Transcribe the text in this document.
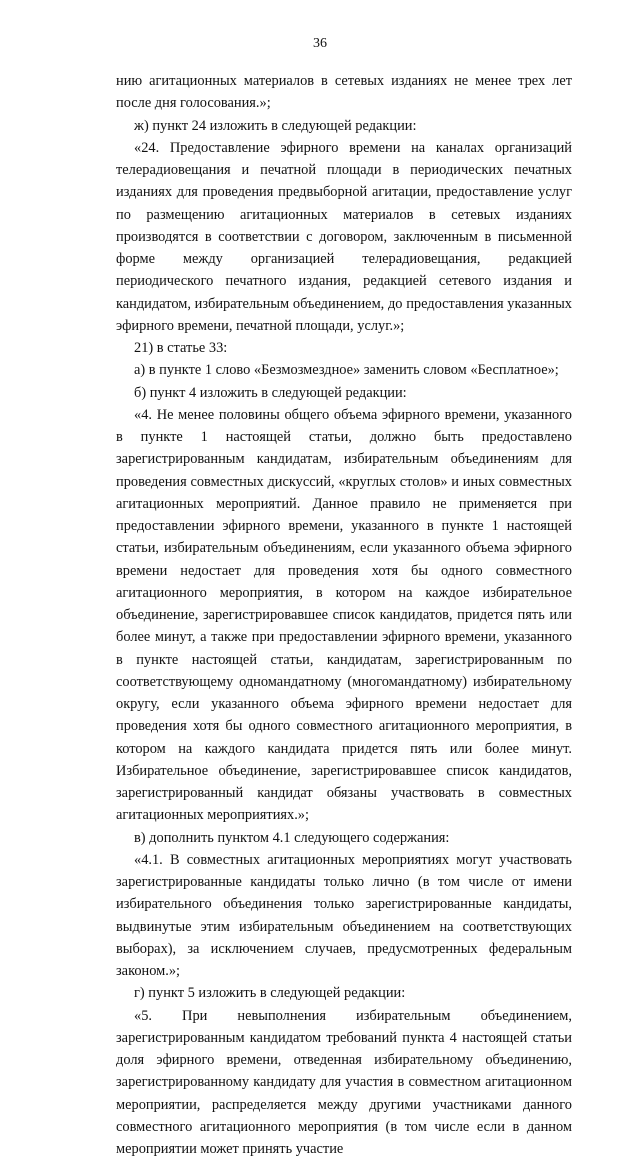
36

нию агитационных материалов в сетевых изданиях не менее трех лет после дня голосования.»;

ж) пункт 24 изложить в следующей редакции:

«24. Предоставление эфирного времени на каналах организаций телерадиовещания и печатной площади в периодических печатных изданиях для проведения предвыборной агитации, предоставление услуг по размещению агитационных материалов в сетевых изданиях производятся в соответствии с договором, заключенным в письменной форме между организацией телерадиовещания, редакцией периодического печатного издания, редакцией сетевого издания и кандидатом, избирательным объединением, до предоставления указанных эфирного времени, печатной площади, услуг.»;

21) в статье 33:

а) в пункте 1 слово «Безмозмездное» заменить словом «Бесплатное»;

б) пункт 4 изложить в следующей редакции:

«4. Не менее половины общего объема эфирного времени, указанного в пункте 1 настоящей статьи, должно быть предоставлено зарегистрированным кандидатам, избирательным объединениям для проведения совместных дискуссий, «круглых столов» и иных совместных агитационных мероприятий. Данное правило не применяется при предоставлении эфирного времени, указанного в пункте 1 настоящей статьи, избирательным объединениям, если указанного объема эфирного времени недостает для проведения хотя бы одного совместного агитационного мероприятия, в котором на каждое избирательное объединение, зарегистрировавшее список кандидатов, придется пять или более минут, а также при предоставлении эфирного времени, указанного в пункте настоящей статьи, кандидатам, зарегистрированным по соответствующему одномандатному (многомандатному) избирательному округу, если указанного объема эфирного времени недостает для проведения хотя бы одного совместного агитационного мероприятия, в котором на каждого кандидата придется пять или более минут. Избирательное объединение, зарегистрировавшее список кандидатов, зарегистрированный кандидат обязаны участвовать в совместных агитационных мероприятиях.»;

в) дополнить пунктом 4.1 следующего содержания:

«4.1. В совместных агитационных мероприятиях могут участвовать зарегистрированные кандидаты только лично (в том числе от имени избирательного объединения только зарегистрированные кандидаты, выдвинутые этим избирательным объединением на соответствующих выборах), за исключением случаев, предусмотренных федеральным законом.»;

г) пункт 5 изложить в следующей редакции:

«5. При невыполнения избирательным объединением, зарегистрированным кандидатом требований пункта 4 настоящей статьи доля эфирного времени, отведенная избирательному объединению, зарегистрированному кандидату для участия в совместном агитационном мероприятии, распределяется между другими участниками данного совместного агитационного мероприятия (в том числе если в данном мероприятии может принять участие
